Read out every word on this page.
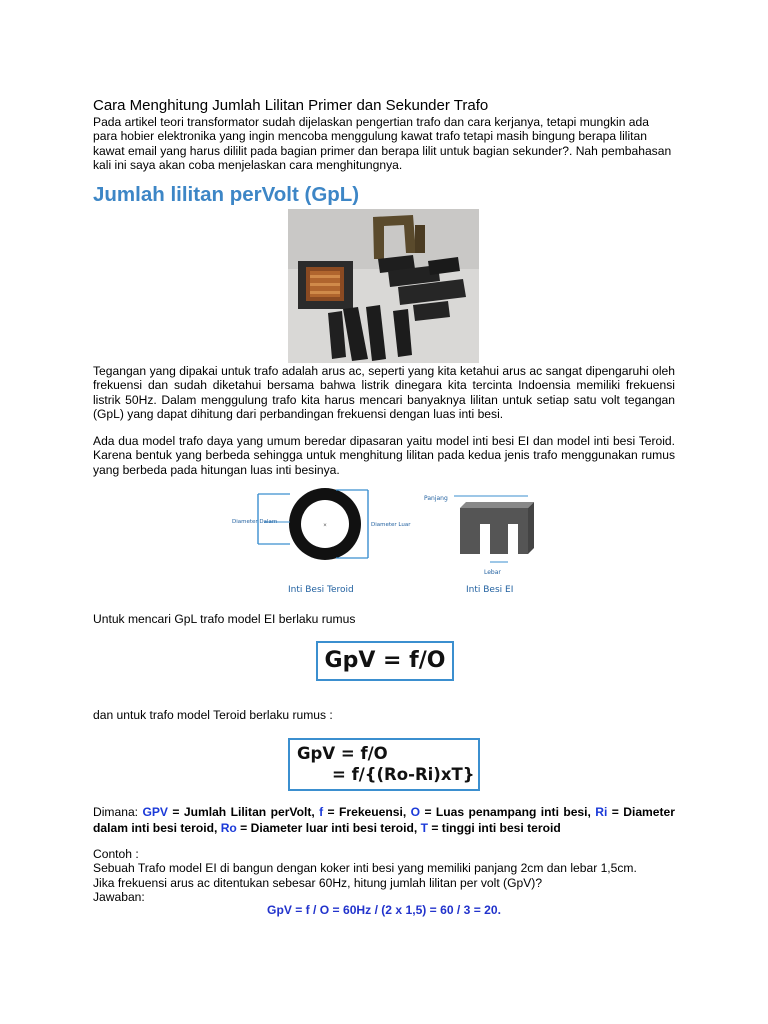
Cara Menghitung Jumlah Lilitan Primer dan Sekunder Trafo

Pada artikel teori transformator sudah dijelaskan pengertian trafo dan cara kerjanya, tetapi mungkin ada para hobier elektronika yang ingin mencoba menggulung kawat trafo tetapi masih bingung berapa lilitan kawat email yang harus dililit pada bagian primer dan berapa lilit untuk bagian sekunder?. Nah pembahasan kali ini saya akan coba menjelaskan cara menghitungnya.

Jumlah lilitan perVolt (GpL)

Tegangan yang dipakai untuk trafo adalah arus ac, seperti yang kita ketahui arus ac sangat dipengaruhi oleh frekuensi dan sudah diketahui bersama bahwa listrik dinegara kita tercinta Indoensia memiliki frekuensi listrik 50Hz. Dalam menggulung trafo kita harus mencari banyaknya lilitan untuk setiap satu volt tegangan (GpL) yang dapat dihitung dari perbandingan frekuensi dengan luas inti besi.

Ada dua model trafo daya yang umum beredar dipasaran yaitu model inti besi EI dan model inti besi Teroid. Karena bentuk yang berbeda sehingga untuk menghitung lilitan pada kedua jenis trafo menggunakan rumus yang berbeda pada hitungan luas inti besinya.

×
Diameter Dalam	Diameter Luar
Inti Besi Teroid
Panjang
Lebar
Inti Besi EI

Untuk mencari GpL trafo model EI berlaku rumus

GpV = f/O

dan untuk trafo model Teroid berlaku rumus :

GpV = f/O
= f/{(Ro-Ri)xT}
Dimana: GPV = Jumlah Lilitan perVolt, f = Frekeuensi, O = Luas penampang inti besi, Ri = Diameter dalam inti besi teroid, Ro = Diameter luar inti besi teroid, T = tinggi inti besi teroid
Contoh :
Sebuah Trafo model EI di bangun dengan koker inti besi yang memiliki panjang 2cm dan lebar 1,5cm.
Jika frekuensi arus ac ditentukan sebesar 60Hz, hitung jumlah lilitan per volt (GpV)?
Jawaban:
GpV = f / O = 60Hz / (2 x 1,5) = 60 / 3 = 20.
